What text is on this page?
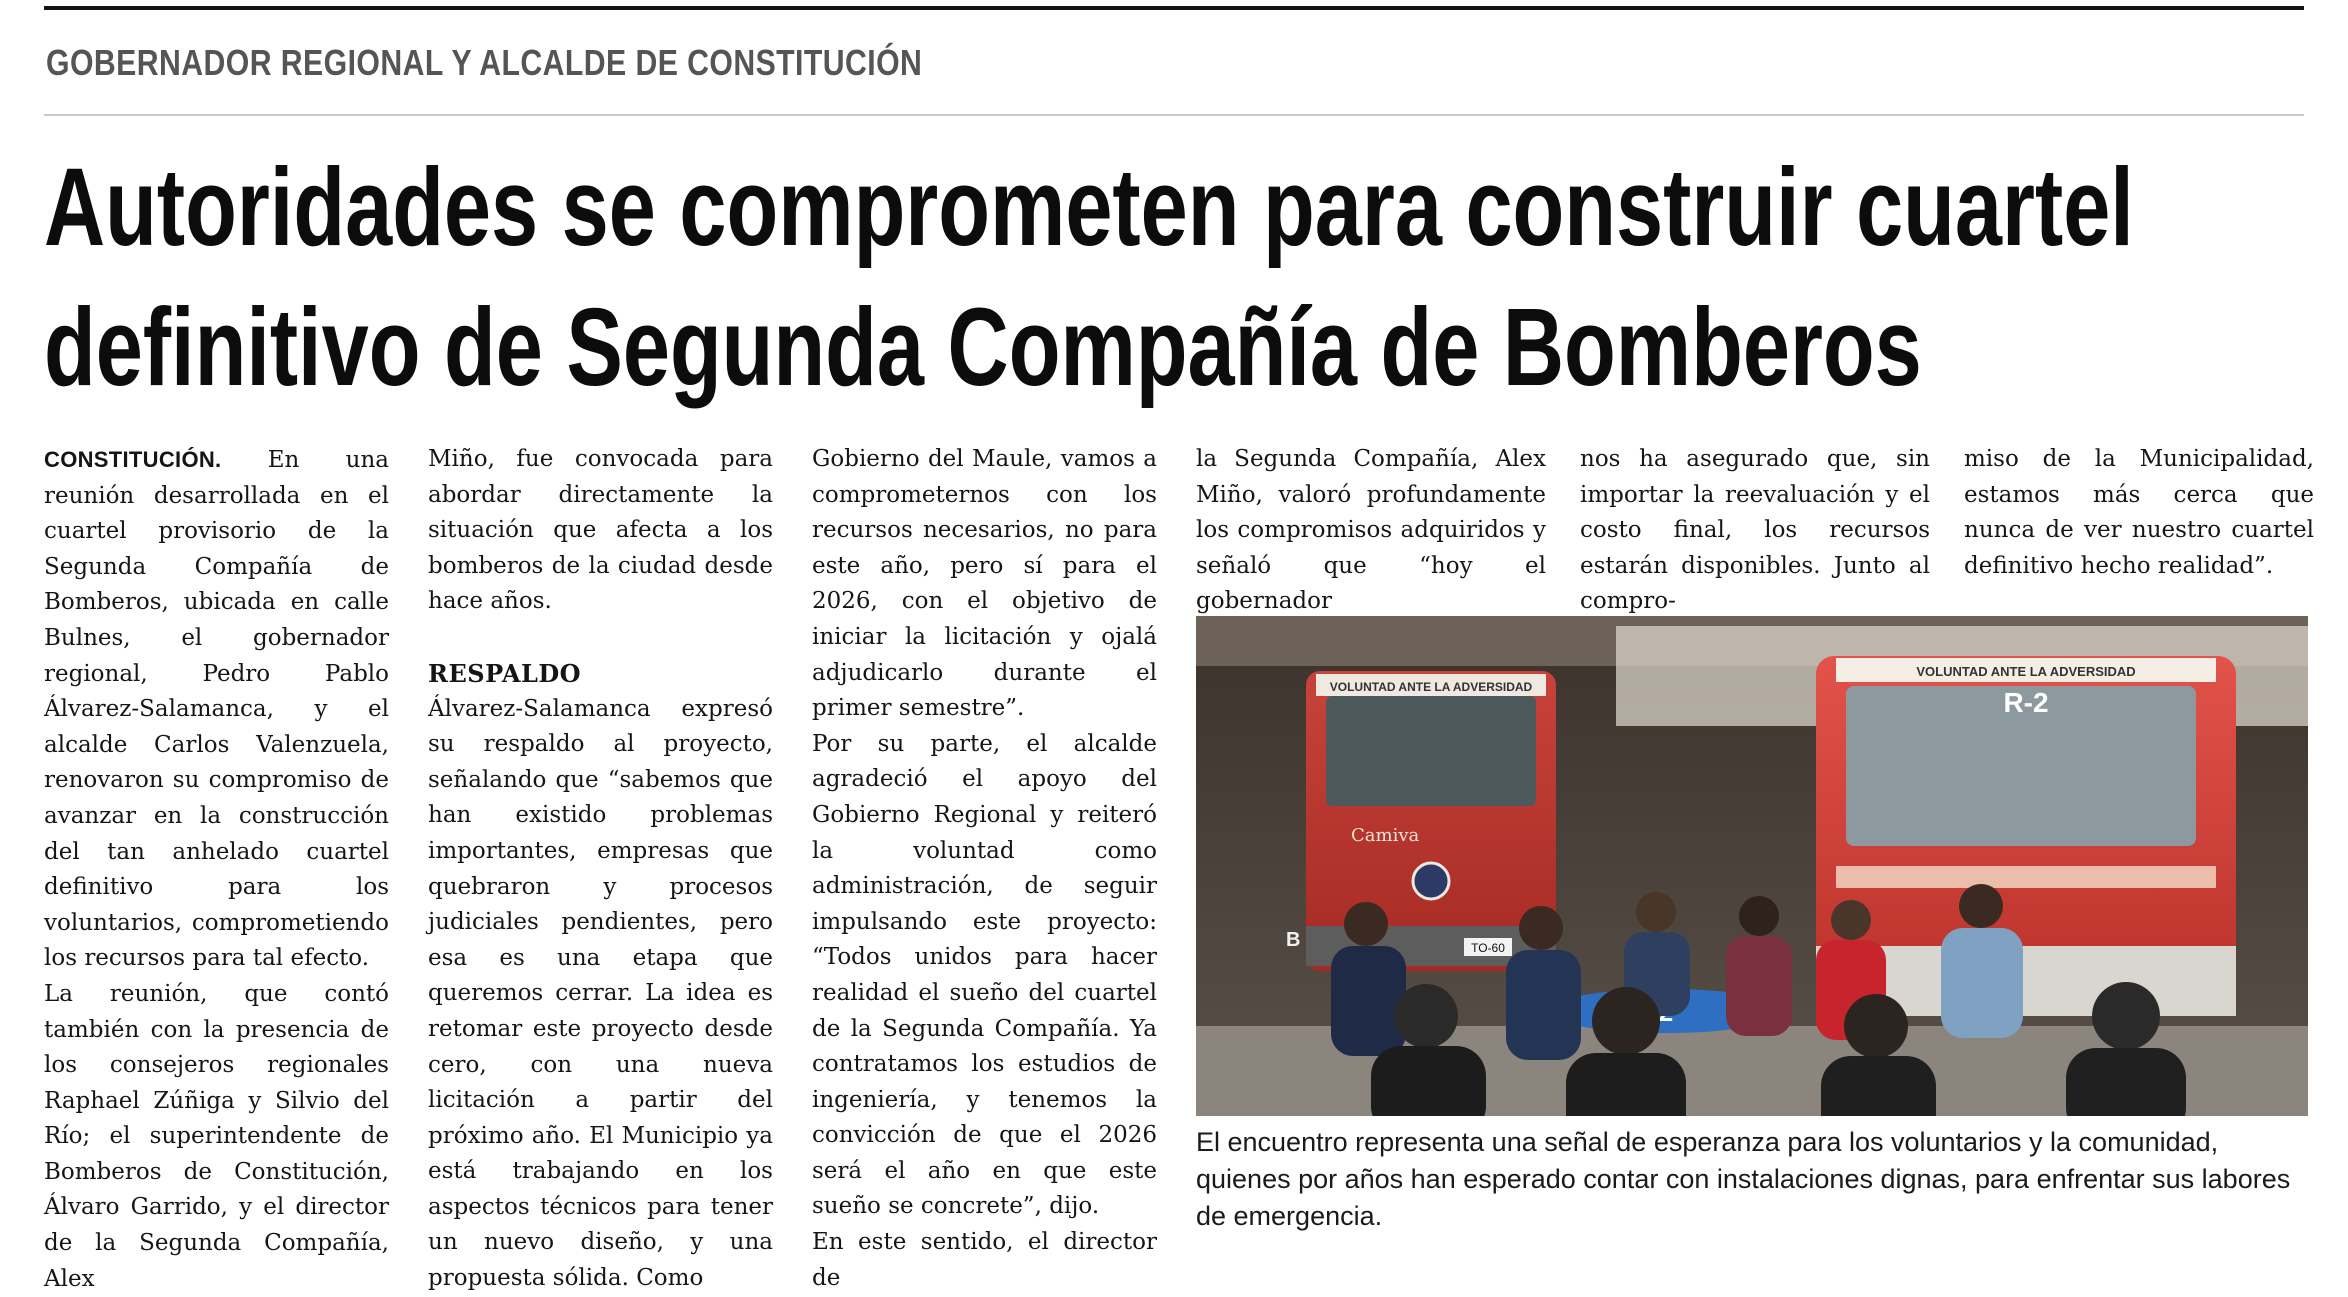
GOBERNADOR REGIONAL Y ALCALDE DE CONSTITUCIÓN
Autoridades se comprometen para construir cuartel
definitivo de Segunda Compañía de Bomberos

CONSTITUCIÓN. En una reunión desarrollada en el cuartel provisorio de la Segunda Compañía de Bomberos, ubicada en calle Bulnes, el gobernador regional, Pedro Pablo Álvarez-Salamanca, y el alcalde Carlos Valenzuela, renovaron su compromiso de avanzar en la construcción del tan anhelado cuartel definitivo para los voluntarios, comprometiendo los recursos para tal efecto.

La reunión, que contó también con la presencia de los consejeros regionales Raphael Zúñiga y Silvio del Río; el superintendente de Bomberos de Constitución, Álvaro Garrido, y el director de la Segunda Compañía, Alex

Miño, fue convocada para abordar directamente la situación que afecta a los bomberos de la ciudad desde hace años.

RESPALDO

Álvarez-Salamanca expresó su respaldo al proyecto, señalando que “sabemos que han existido problemas importantes, empresas que quebraron y procesos judiciales pendientes, pero esa es una etapa que queremos cerrar. La idea es retomar este proyecto desde cero, con una nueva licitación a partir del próximo año. El Municipio ya está trabajando en los aspectos técnicos para tener un nuevo diseño, y una propuesta sólida. Como

Gobierno del Maule, vamos a comprometernos con los recursos necesarios, no para este año, pero sí para el 2026, con el objetivo de iniciar la licitación y ojalá adjudicarlo durante el primer semestre”.

Por su parte, el alcalde agradeció el apoyo del Gobierno Regional y reiteró la voluntad como administración, de seguir impulsando este proyecto: “Todos unidos para hacer realidad el sueño del cuartel de la Segunda Compañía. Ya contratamos los estudios de ingeniería, y tenemos la convicción de que el 2026 será el año en que este sueño se concrete”, dijo.

En este sentido, el director de

la Segunda Compañía, Alex Miño, valoró profundamente los compromisos adquiridos y señaló que “hoy el gobernador

nos ha asegurado que, sin importar la reevaluación y el costo final, los recursos estarán disponibles. Junto al compro-

miso de la Municipalidad, estamos más cerca que nunca de ver nuestro cuartel definitivo hecho realidad”.

VOLUNTAD ANTE LA ADVERSIDAD
Camiva
TO-60
B
VOLUNTAD ANTE LA ADVERSIDAD
R-2

El encuentro representa una señal de esperanza para los voluntarios y la comunidad, quienes por años han esperado contar con instalaciones dignas, para enfrentar sus labores de emergencia.
